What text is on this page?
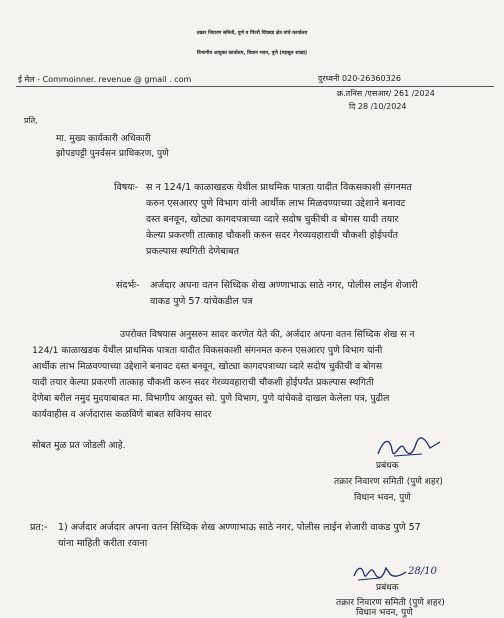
तक्रार निवारण समिती, पुणे व पिंपरी चिंचवड क्षेत्र यांचे कार्यालय
विभागीय आयुक्त कार्यालय, विधान भवन, पुणे (महसूल शाखा)
ई मेल - Commoinner. revenue @ gmail . com	दुरध्वनी 020-26360326
क्र.तनिस /एसआर/ 261 /2024
दि 28 /10/2024
प्रति,
मा. मुख्य कार्यकारी अधिकारी
झोपडपट्टी पुनर्वसन प्राधिकरण, पुणे
विषयः- स न 124/1 काळाखडक येथील प्राथमिक पात्रता यादीत विकसकाशी संगनमत
करुन एसआरए पुणे विभाग यांनी आर्थीक लाभ मिळवण्याच्या उद्देशाने बनावट
दस्त बनवून, खोट्या कागदपत्राच्या व्दारे सदोष चुकीची व बोगस यादी तयार
केल्या प्रकरणी तात्काह चौकशी करुन सदर गेरव्यवहाराची चौकशी होईपर्यंत
प्रकल्पास स्थगिती देणेबाबत
संदर्भः- अर्जदार अपना वतन सिध्दिक शेख अण्णाभाऊ साठे नगर, पोलीस लाईन शेजारी
वाकड पुणे 57 यांचेकडील पत्र
उपरोक्त विषयास अनुसरुन सादर करणेत येते की, अर्जदार अपना वतन सिध्दिक शेख स न
124/1 काळाखडक येथील प्राथमिक पात्रता यादीत विकसकाशी संगनमत करुन एसआरए पुणे विभाग यांनी
आर्थीक लाभ मिळवण्याच्या उद्देशाने बनावट दस्त बनवून, खोट्या कागदपत्राच्या व्दारे सदोष चुकीची व बोगस
यादी तयार केल्या प्रकरणी तात्काह चौकशी करुन सदर गेरव्यवहाराची चौकशी होईपर्यंत प्रकल्पास स्थगिती
देणेबा बरील नमुद मुदयाबाबत मा. विभागीय आयुक्त सो. पुणे विभाग, पुणे यांचेकडे दाखल केलेला पत्र, पुढील
कार्यवाहीस व अर्जदारास कळविणे बाबत सविनय सादर
सोबत मुळ प्रत जोडली आहे.
प्रबंधक
तक्रार निवारण समिती (पुणे शहर)
विधान भवन, पुणे
प्रत:- 1) अर्जदार अर्जदार अपना वतन सिध्दिक शेख अण्णाभाऊ साठे नगर, पोलीस लाईन शेजारी वाकड पुणे 57
यांना माहिती करीता रवाना
28/10
प्रबंधक
तक्रार निवारण समिती (पुणे शहर)
विधान भवन, पुणे
